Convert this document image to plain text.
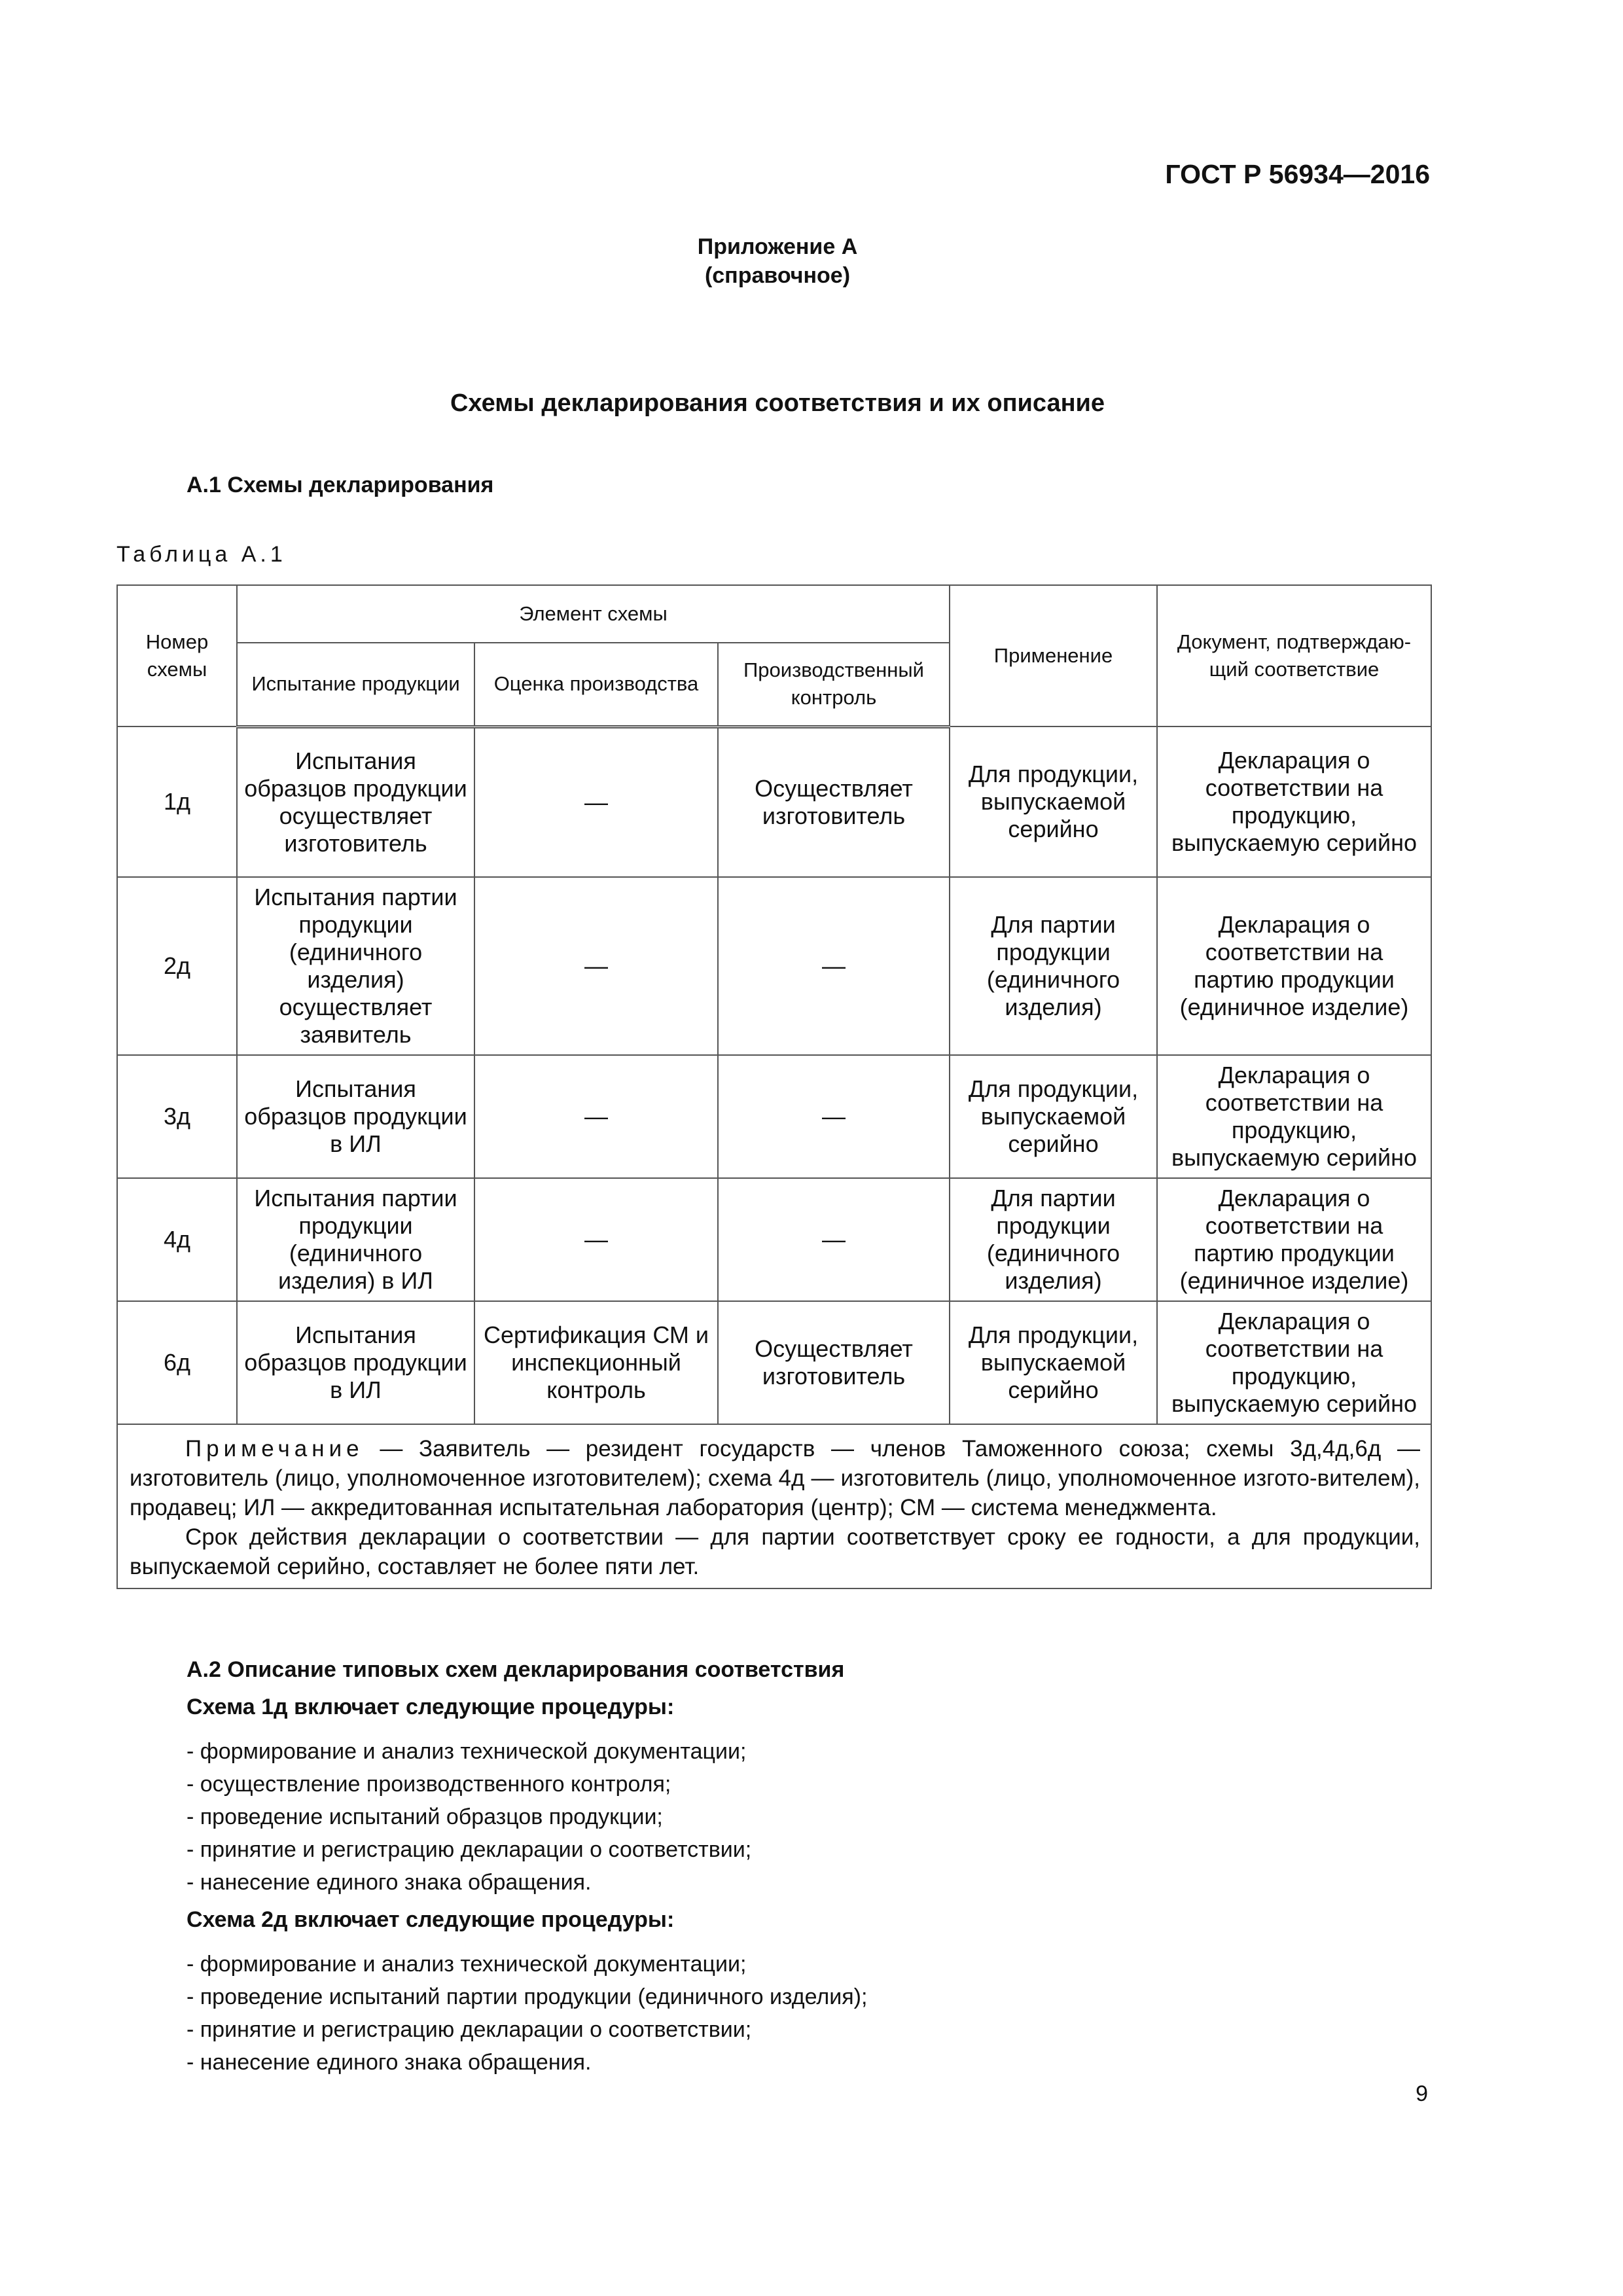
ГОСТ Р 56934—2016
Приложение А
(справочное)
Схемы декларирования соответствия и их описание
А.1 Схемы декларирования
Таблица А.1
Номер схемы	Элемент схемы			Применение	Документ, подтверждаю-щий соответствие
	Испытание продукции	Оценка производства	Производственный контроль		
1д	Испытания образцов продукции осуществляет изготовитель	—	Осуществляет изготовитель	Для продукции, выпускаемой серийно	Декларация о соответствии на продукцию, выпускаемую серийно
2д	Испытания партии продукции (единичного изделия) осуществляет заявитель	—	—	Для партии продукции (единичного изделия)	Декларация о соответствии на партию продукции (единичное изделие)
3д	Испытания образцов продукции в ИЛ	—	—	Для продукции, выпускаемой серийно	Декларация о соответствии на продукцию, выпускаемую серийно
4д	Испытания партии продукции (единичного изделия) в ИЛ	—	—	Для партии продукции (единичного изделия)	Декларация о соответствии на партию продукции (единичное изделие)
6д	Испытания образцов продукции в ИЛ	Сертификация СМ и инспекционный контроль	Осуществляет изготовитель	Для продукции, выпускаемой серийно	Декларация о соответствии на продукцию, выпускаемую серийно

Примечание — Заявитель — резидент государств — членов Таможенного союза; схемы 3д,4д,6д — изготовитель (лицо, уполномоченное изготовителем); схема 4д — изготовитель (лицо, уполномоченное изгото-вителем), продавец; ИЛ — аккредитованная испытательная лаборатория (центр); СМ — система менеджмента.

Срок действия декларации о соответствии — для партии соответствует сроку ее годности, а для продукции, выпускаемой серийно, составляет не более пяти лет.					

А.2 Описание типовых схем декларирования соответствия
Схема 1д включает следующие процедуры:
- формирование и анализ технической документации;
- осуществление производственного контроля;
- проведение испытаний образцов продукции;
- принятие и регистрацию декларации о соответствии;
- нанесение единого знака обращения.
Схема 2д включает следующие процедуры:
- формирование и анализ технической документации;
- проведение испытаний партии продукции (единичного изделия);
- принятие и регистрацию декларации о соответствии;
- нанесение единого знака обращения.
9
